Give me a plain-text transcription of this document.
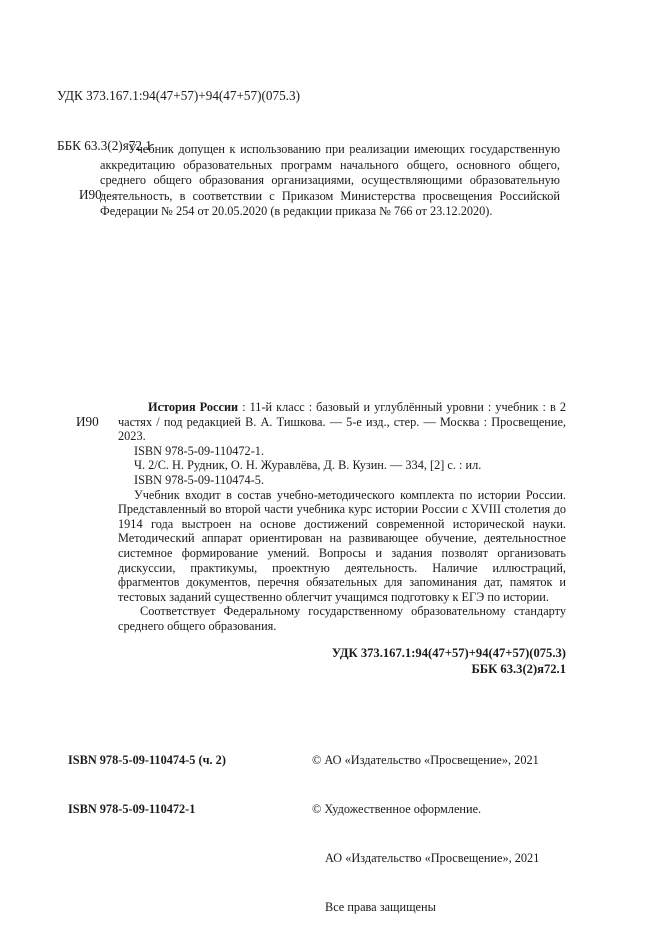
УДК 373.167.1:94(47+57)+94(47+57)(075.3)

ББК 63.3(2)я72.1

И90

Учебник допущен к использованию при реализации имеющих государственную аккредитацию образовательных программ начального общего, основного общего, среднего общего образования организациями, осуществляющими образовательную деятельность, в соответствии с Приказом Министерства просвещения Российской Федерации № 254 от 20.05.2020 (в редакции приказа № 766 от 23.12.2020).
И90
История России : 11-й класс : базовый и углублённый уровни : учебник : в 2 частях / под редакцией В. А. Тишкова. — 5-е изд., стер. — Москва : Просвещение, 2023.
ISBN 978-5-09-110472-1.
Ч. 2/С. Н. Рудник, О. Н. Журавлёва, Д. В. Кузин. — 334, [2] с. : ил.
ISBN 978-5-09-110474-5.
Учебник входит в состав учебно-методического комплекта по истории России. Представленный во второй части учебника курс истории России с XVIII столетия до 1914 года выстроен на основе достижений современной исторической науки. Методический аппарат ориентирован на развивающее обучение, деятельностное системное формирование умений. Вопросы и задания позволят организовать дискуссии, практикумы, проектную деятельность. Наличие иллюстраций, фрагментов документов, перечня обязательных для запоминания дат, памяток и тестовых заданий существенно облегчит учащимся подготовку к ЕГЭ по истории.
Соответствует Федеральному государственному образовательному стандарту среднего общего образования.
УДК 373.167.1:94(47+57)+94(47+57)(075.3)
ББК 63.3(2)я72.1

ISBN 978-5-09-110474-5 (ч. 2)

ISBN 978-5-09-110472-1

© АО «Издательство «Просвещение», 2021

© Художественное оформление.

АО «Издательство «Просвещение», 2021

Все права защищены
